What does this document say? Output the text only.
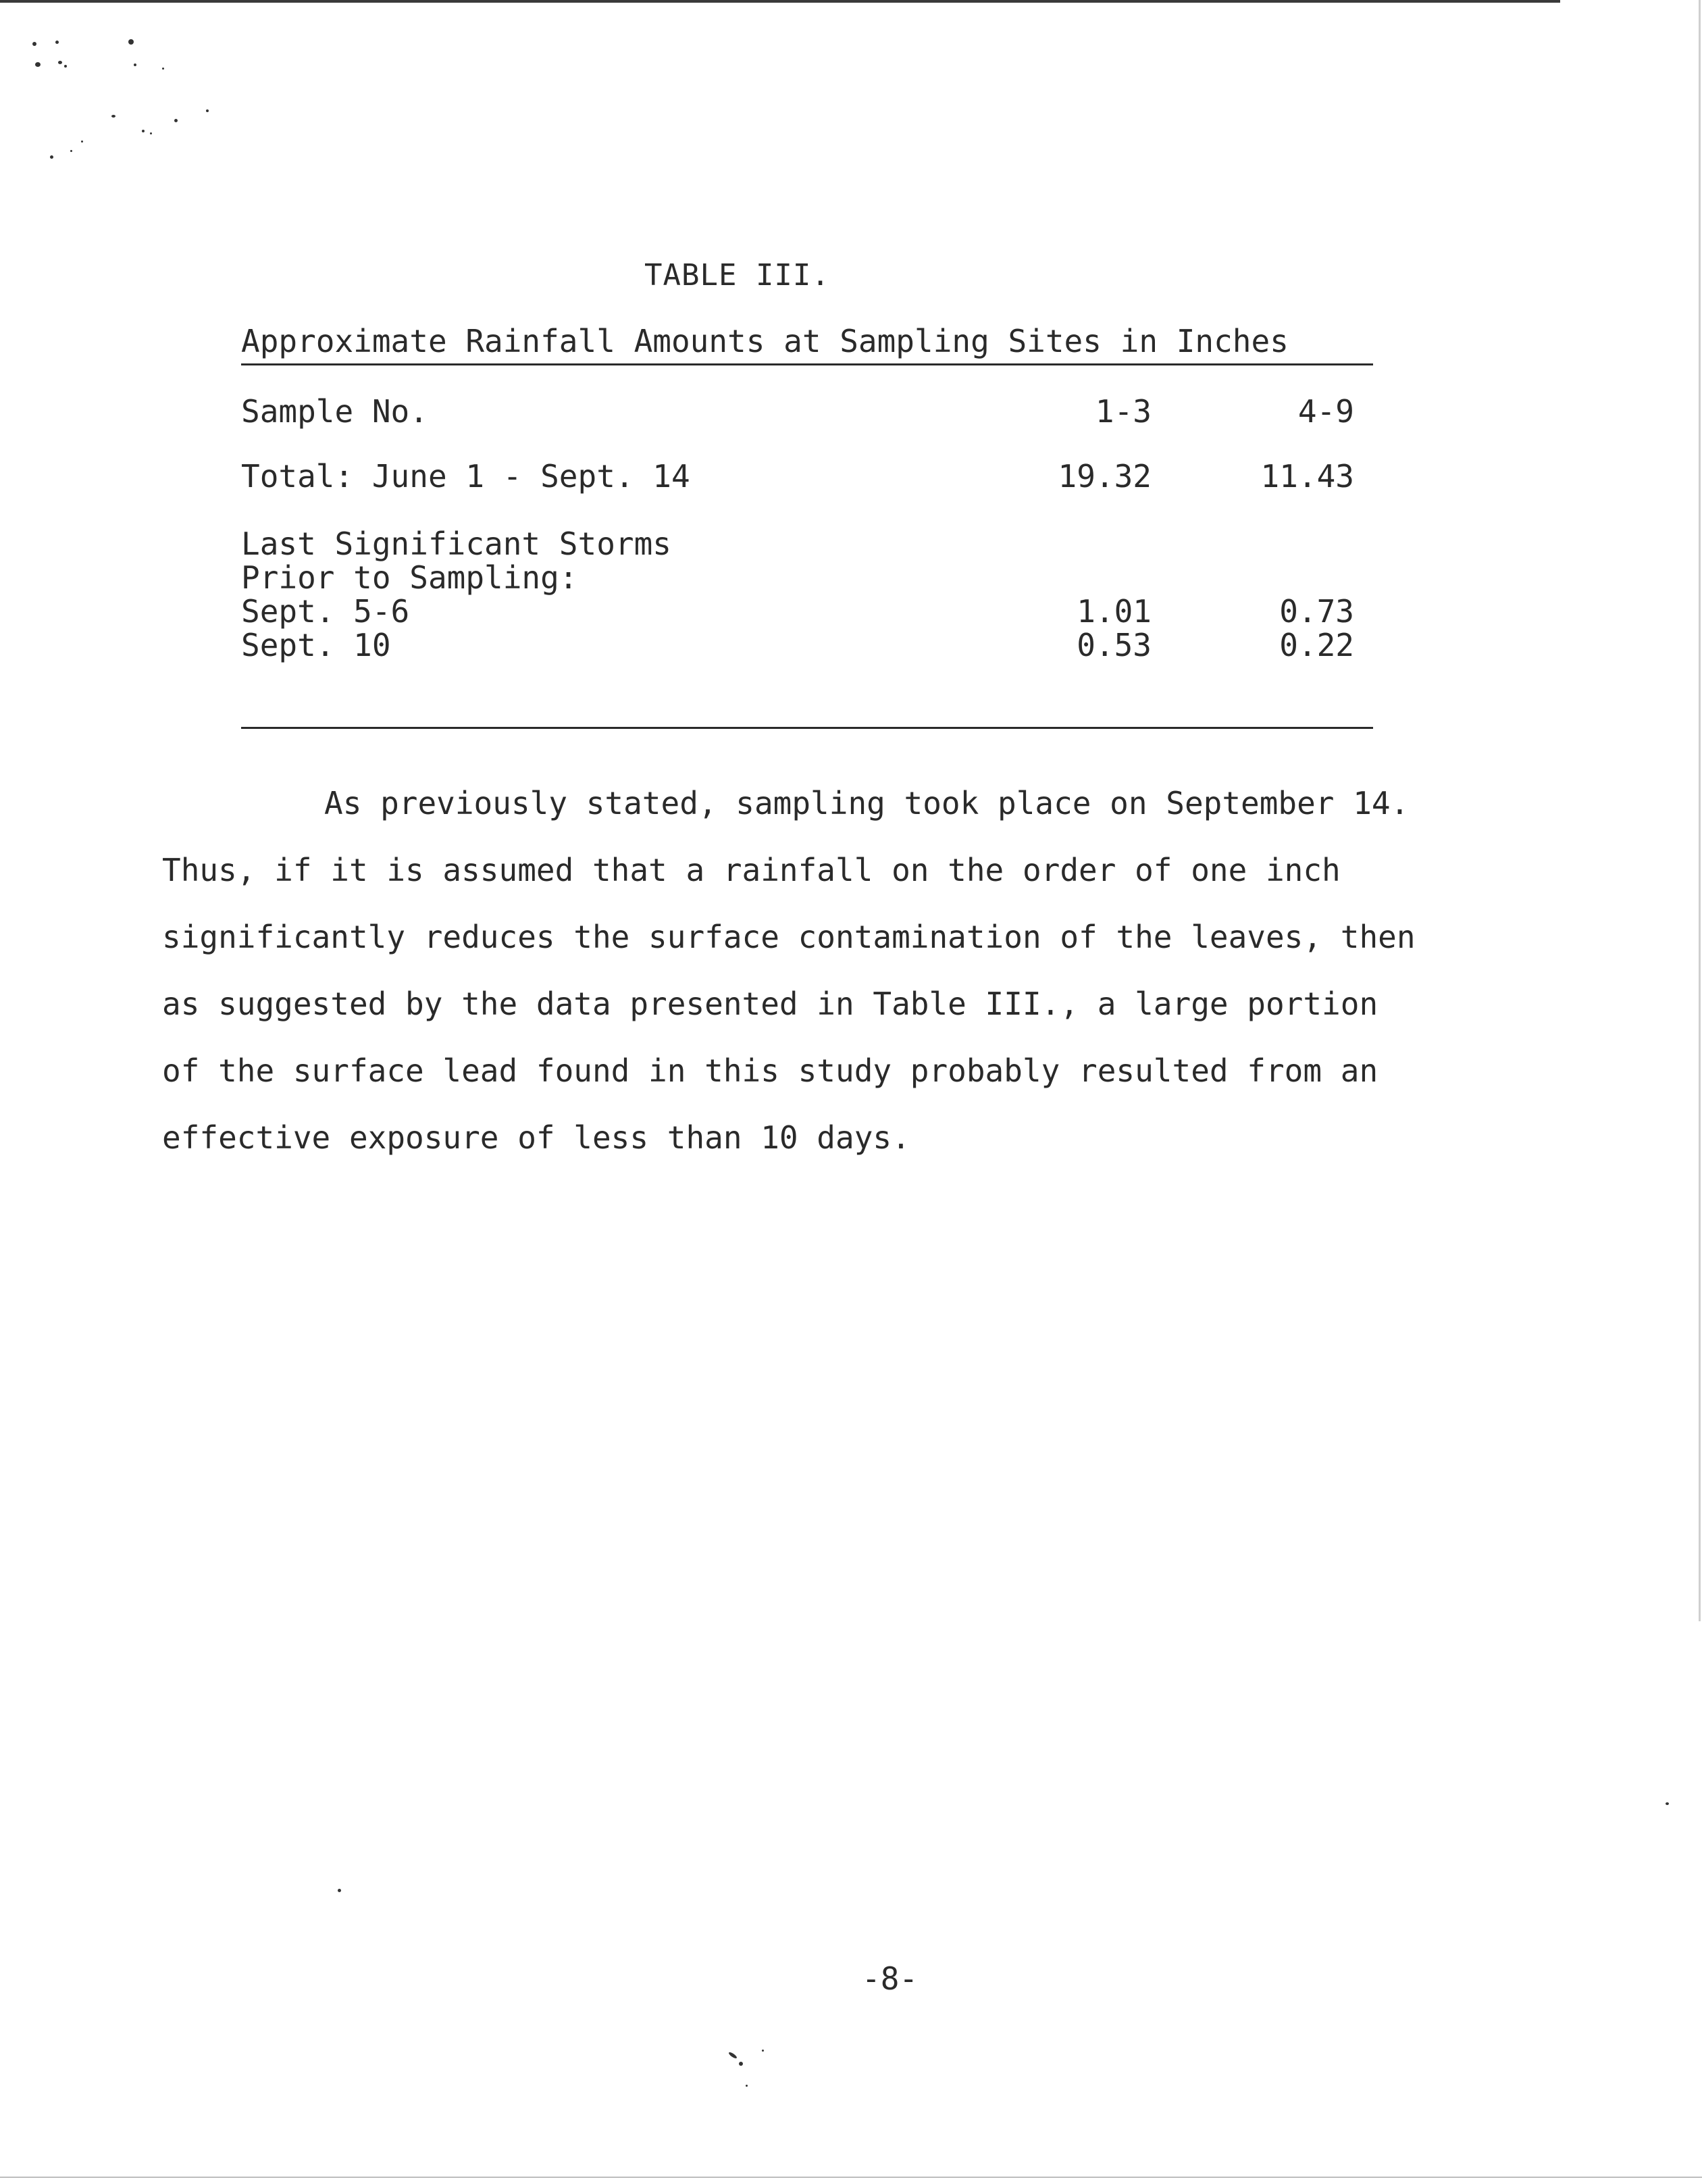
TABLE III.
Approximate Rainfall Amounts at Sampling Sites in Inches
Sample No.	1-3	4-9
Total: June 1 - Sept. 14	19.32	11.43
Last Significant Storms
Prior to Sampling:
Sept. 5-6	1.01	0.73
Sept. 10	0.53	0.22

As previously stated, sampling took place on September 14.
Thus, if it is assumed that a rainfall on the order of one inch
significantly reduces the surface contamination of the leaves, then
as suggested by the data presented in Table III., a large portion
of the surface lead found in this study probably resulted from an
effective exposure of less than 10 days.

-8-
